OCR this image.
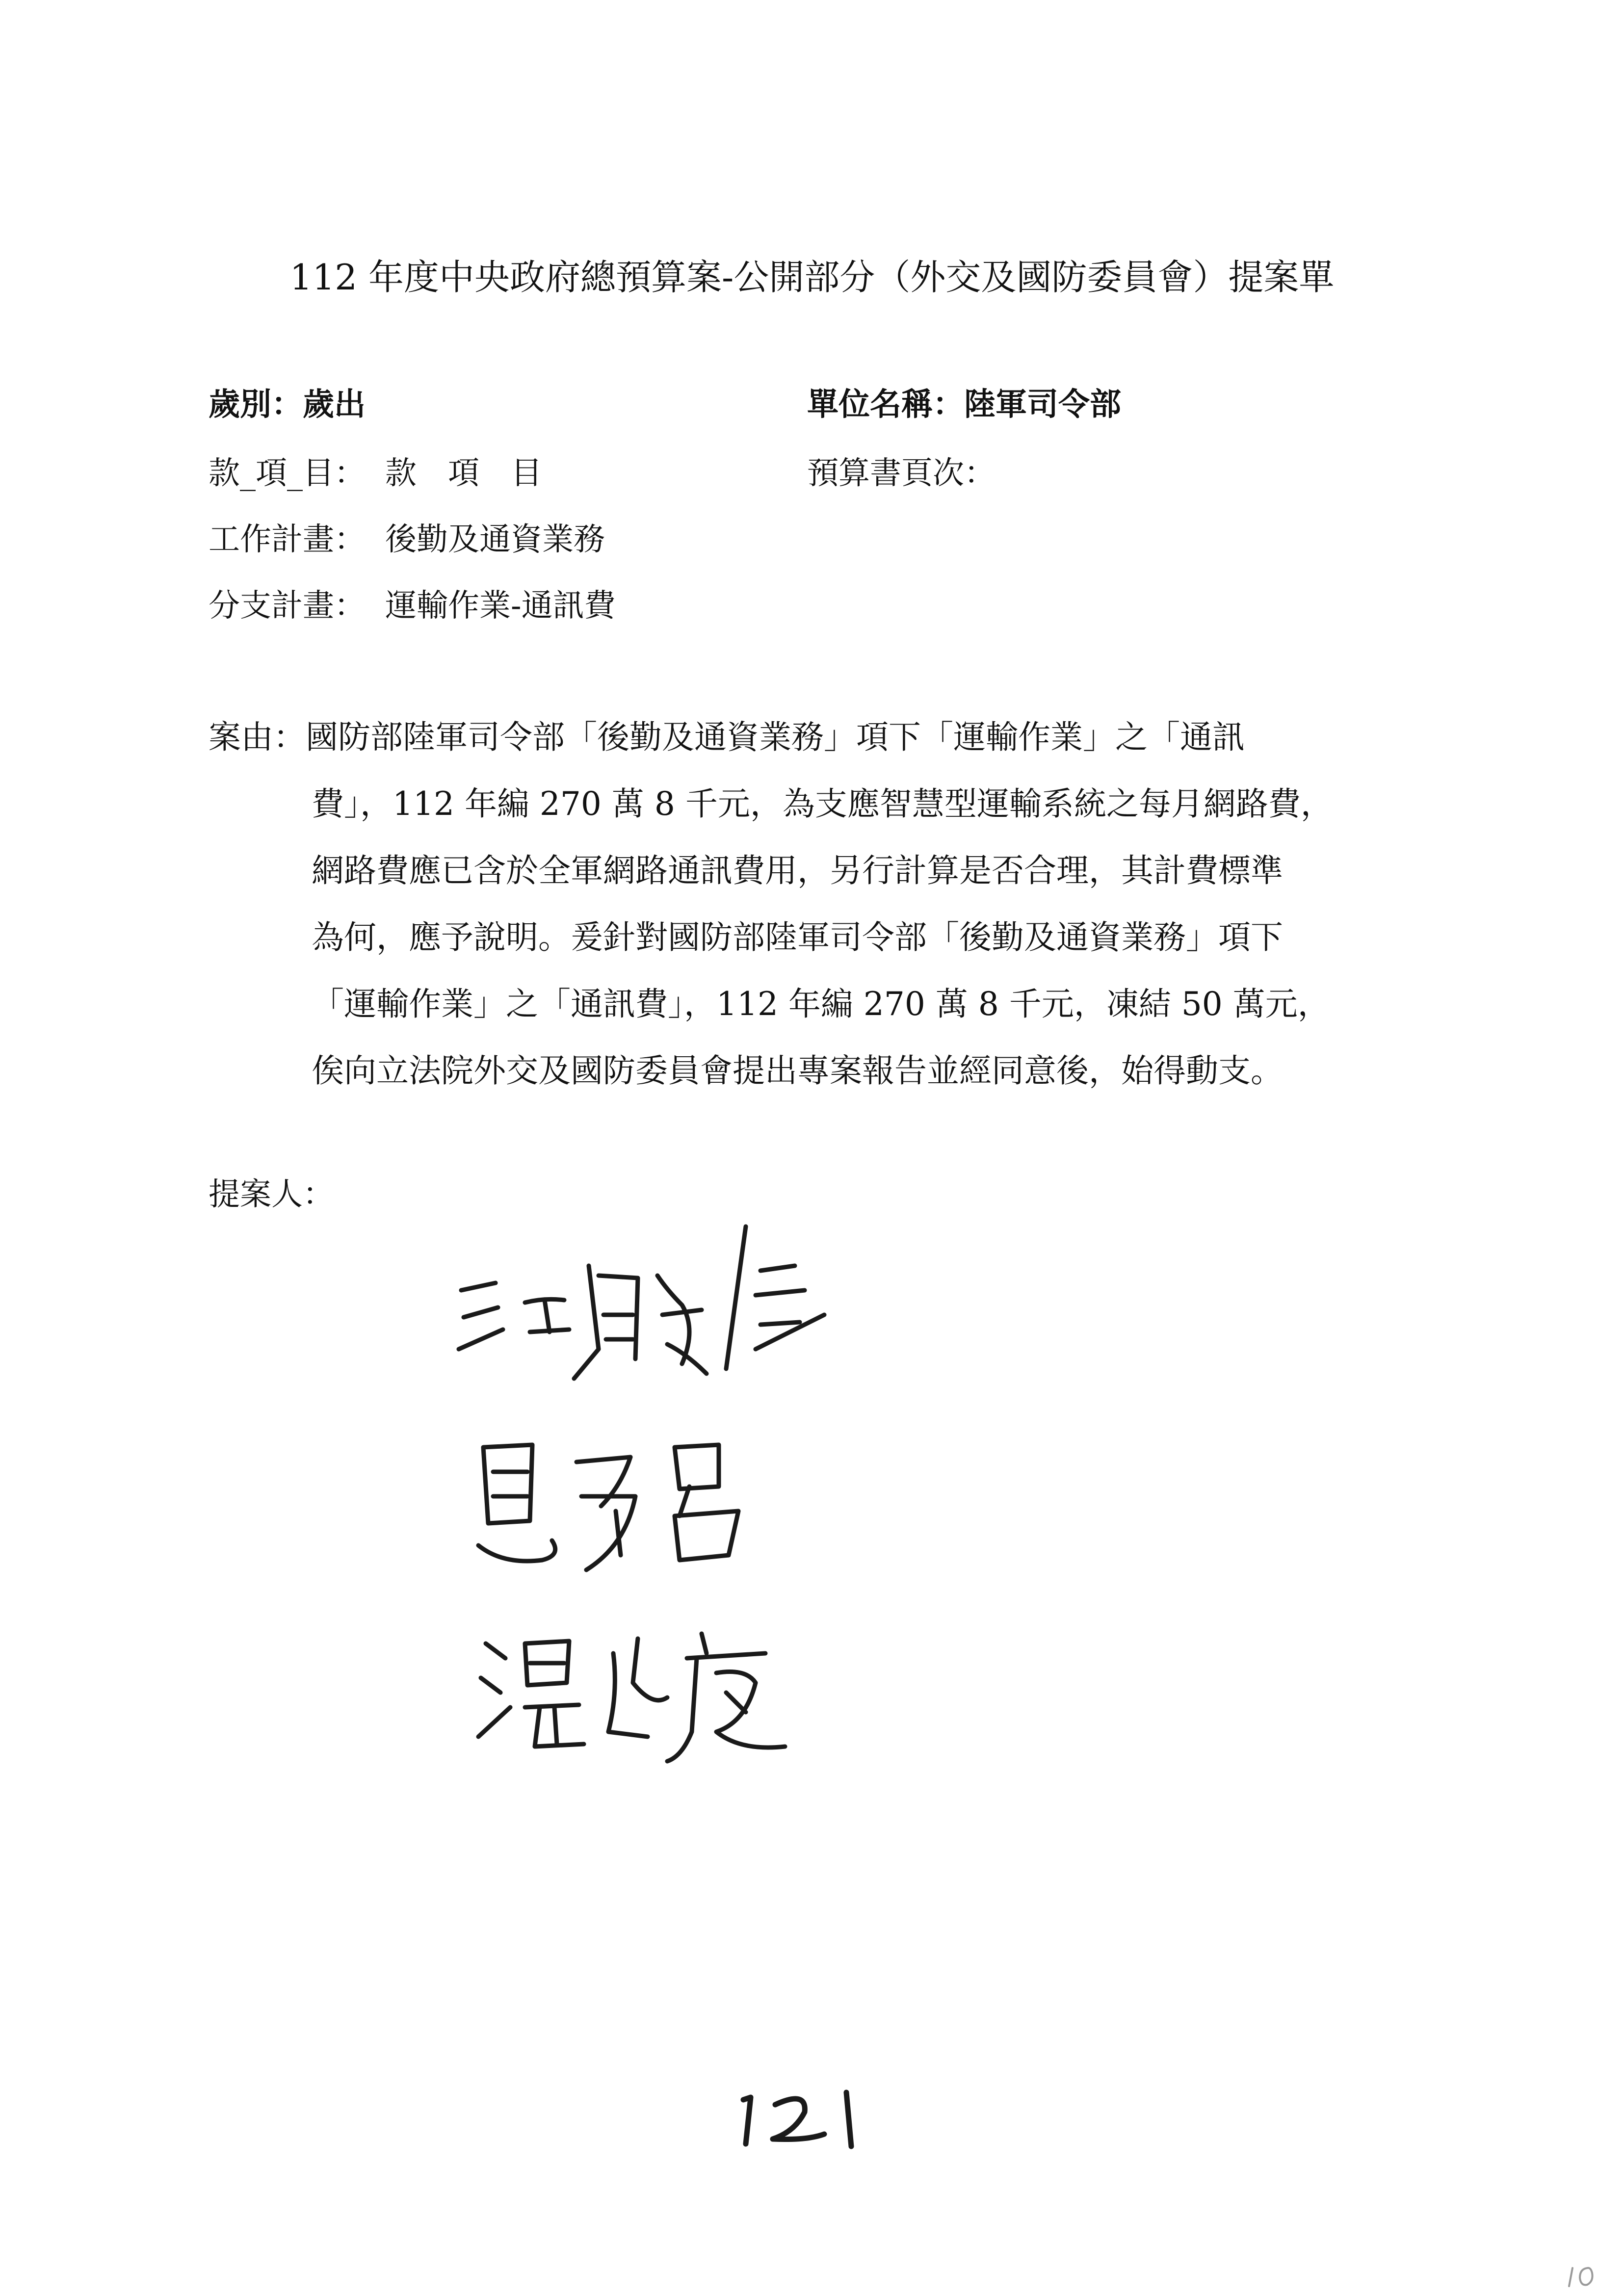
112 年度中央政府總預算案-公開部分（外交及國防委員會）提案單
歲別：歲出	單位名稱：陸軍司令部
款_項_目： 款　項　目	預算書頁次：
工作計畫： 後勤及通資業務
分支計畫： 運輸作業-通訊費
案由：國防部陸軍司令部「後勤及通資業務」項下「運輸作業」之「通訊
費」，112 年編 270 萬 8 千元，為支應智慧型運輸系統之每月網路費，
網路費應已含於全軍網路通訊費用，另行計算是否合理，其計費標準
為何，應予說明。爰針對國防部陸軍司令部「後勤及通資業務」項下
「運輸作業」之「通訊費」，112 年編 270 萬 8 千元，凍結 50 萬元，
俟向立法院外交及國防委員會提出專案報告並經同意後，始得動支。
提案人：
